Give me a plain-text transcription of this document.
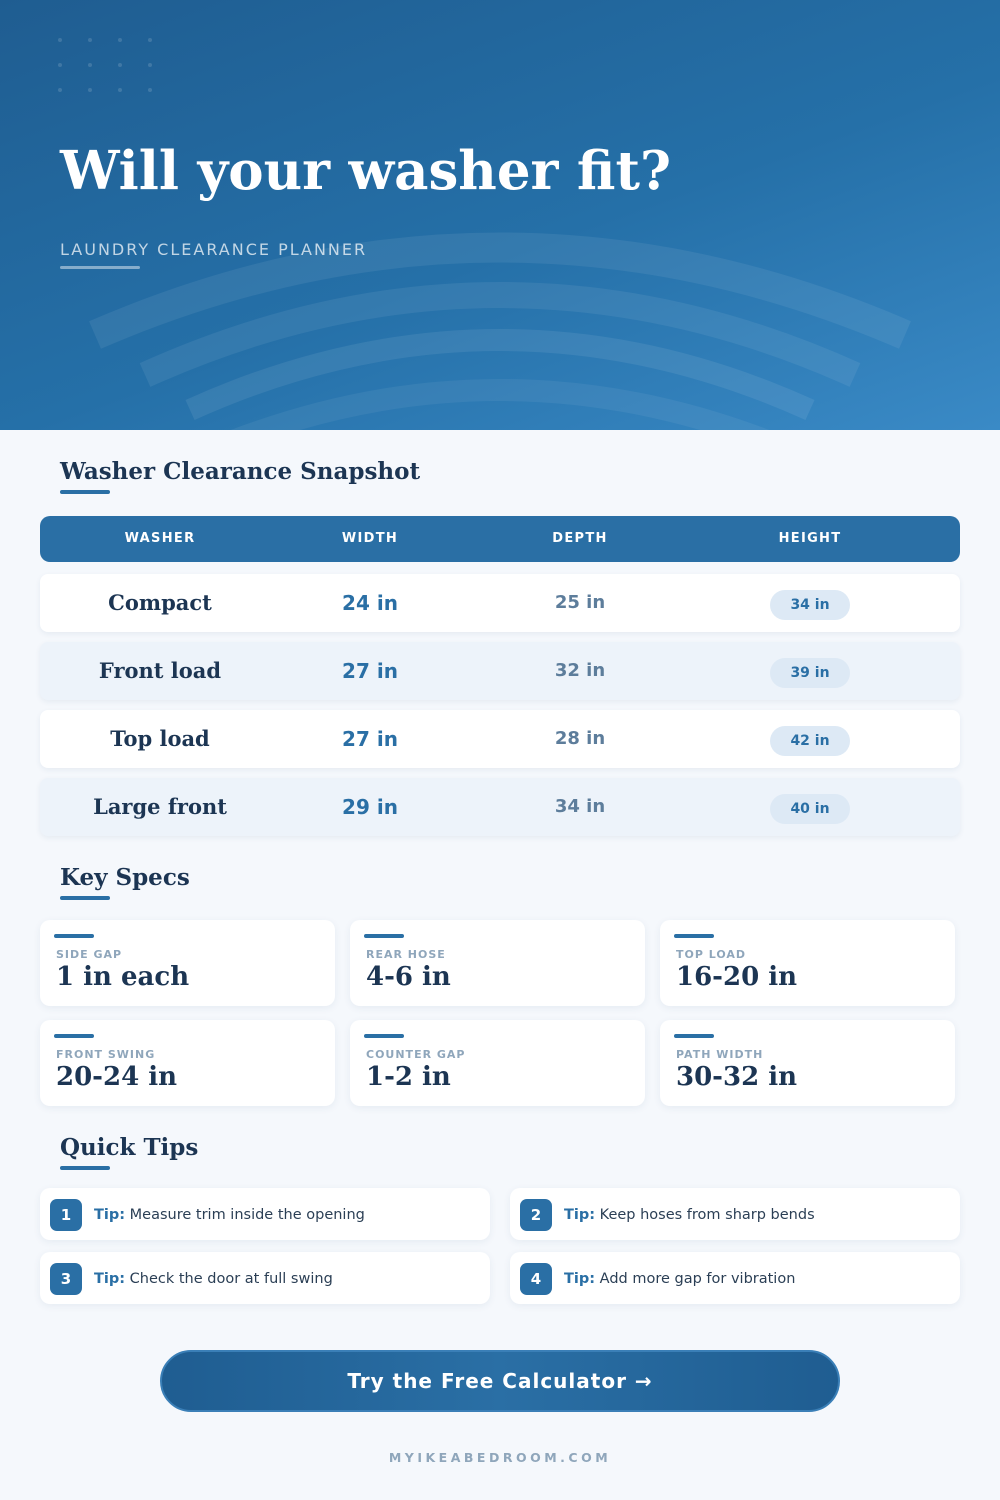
Will your washer fit?
LAUNDRY CLEARANCE PLANNER
Washer Clearance Snapshot
WASHER	WIDTH	DEPTH	HEIGHT
Compact	24 in	25 in	34 in
Front load	27 in	32 in	39 in
Top load	27 in	28 in	42 in
Large front	29 in	34 in	40 in
Key Specs
SIDE GAP
1 in each
REAR HOSE
4-6 in
TOP LOAD
16-20 in
FRONT SWING
20-24 in
COUNTER GAP
1-2 in
PATH WIDTH
30-32 in
Quick Tips
1	Tip: Measure trim inside the opening	2	Tip: Keep hoses from sharp bends
3	Tip: Check the door at full swing	4	Tip: Add more gap for vibration
Try the Free Calculator →
MYIKEABEDROOM.COM
